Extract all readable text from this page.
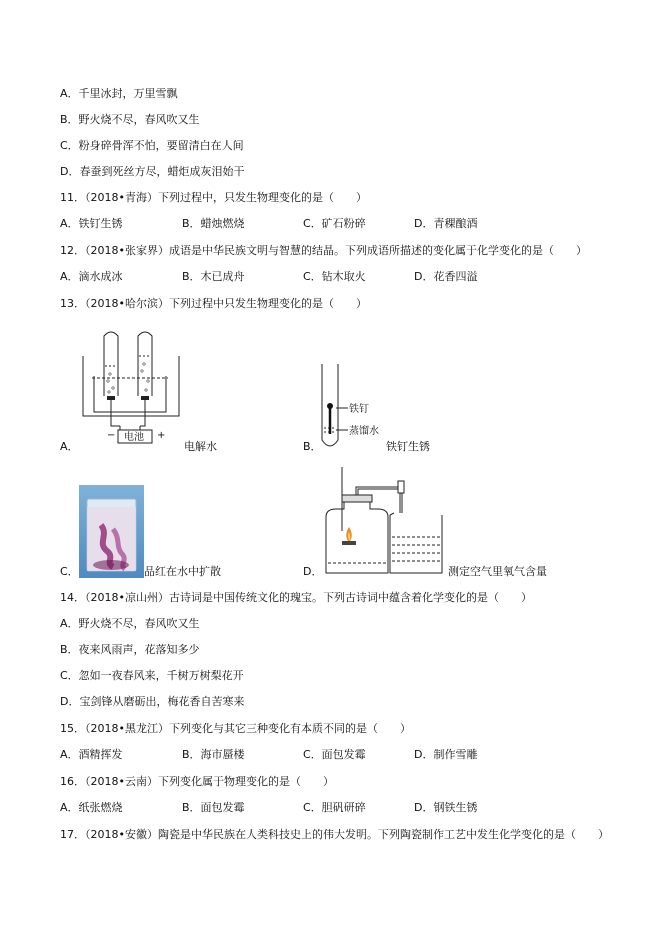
A．千里冰封，万里雪飘
B．野火烧不尽，春风吹又生
C．粉身碎骨浑不怕，要留清白在人间
D．春蚕到死丝方尽，蜡炬成灰泪始干
11．（2018•青海）下列过程中，只发生物理变化的是（　　）
A．铁钉生锈	B．蜡烛燃烧	C．矿石粉碎	D．青稞酿酒
12．（2018•张家界）成语是中华民族文明与智慧的结晶。下列成语所描述的变化属于化学变化的是（　　）
A．滴水成冰	B．木已成舟	C．钻木取火	D．花香四溢
13．（2018•哈尔滨）下列过程中只发生物理变化的是（　　）
电池
−	+
A．	电解水
铁钉
蒸馏水
B．	铁钉生锈
C．	品红在水中扩散	D．	测定空气里氧气含量
14．（2018•凉山州）古诗词是中国传统文化的瑰宝。下列古诗词中蕴含着化学变化的是（　　）
A．野火烧不尽，春风吹又生
B．夜来风雨声，花落知多少
C．忽如一夜春风来，千树万树梨花开
D．宝剑锋从磨砺出，梅花香自苦寒来
15．（2018•黑龙江）下列变化与其它三种变化有本质不同的是（　　）
A．酒精挥发	B．海市蜃楼	C．面包发霉	D．制作雪雕
16．（2018•云南）下列变化属于物理变化的是（　　）
A．纸张燃烧	B．面包发霉	C．胆矾研碎	D．钢铁生锈
17．（2018•安徽）陶瓷是中华民族在人类科技史上的伟大发明。下列陶瓷制作工艺中发生化学变化的是（　　）
